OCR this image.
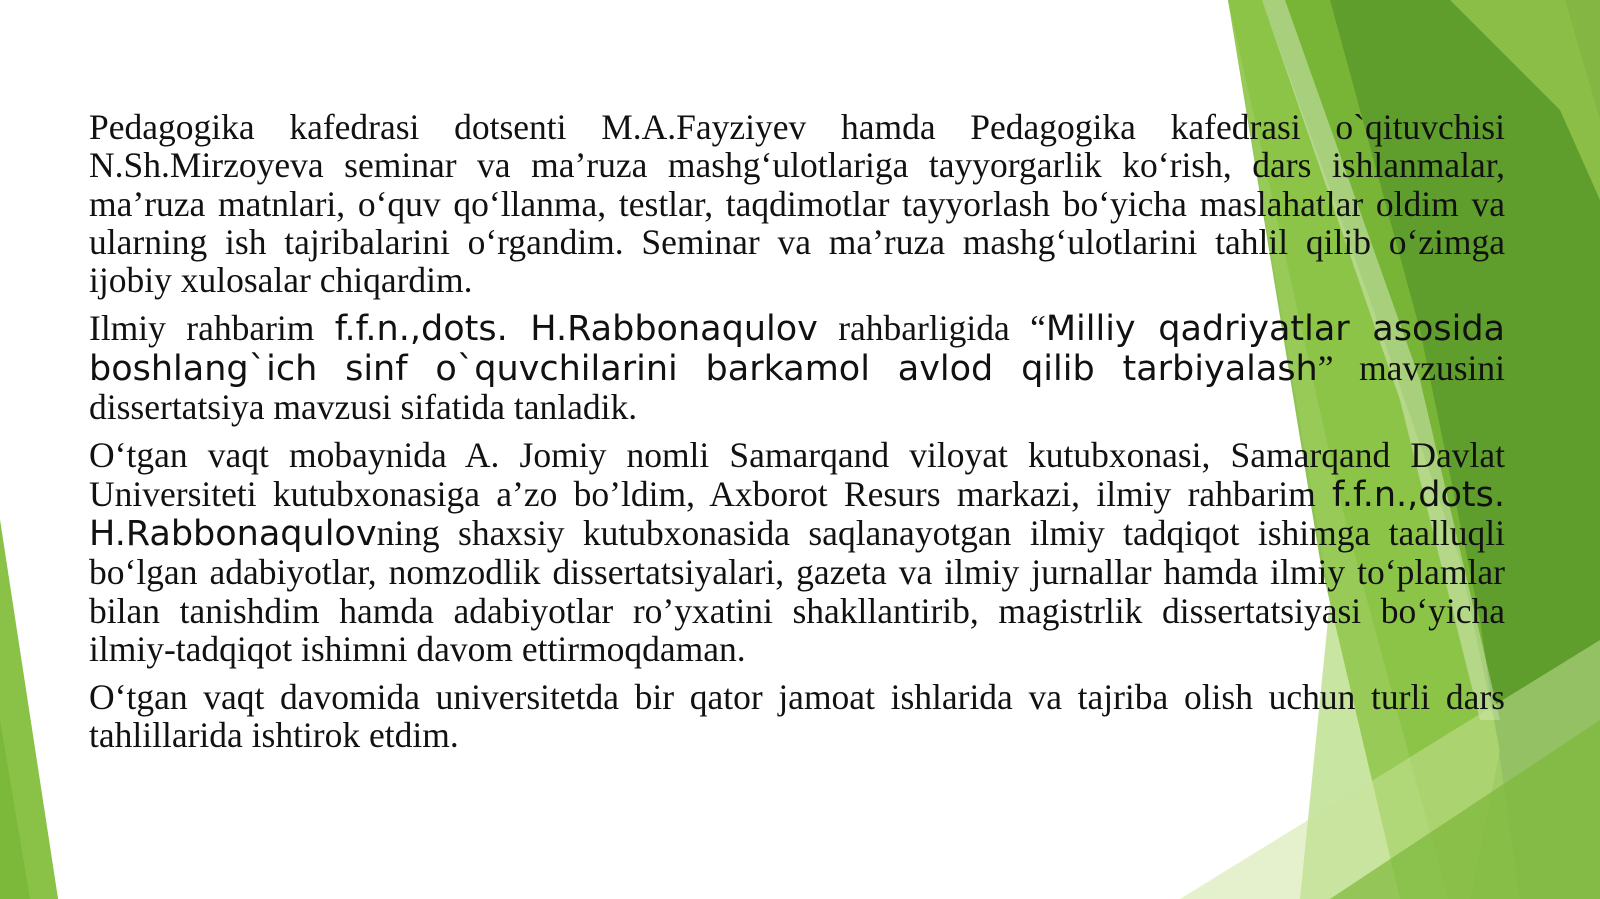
Pedagogika kafedrasi dotsenti M.A.Fayziyev hamda Pedagogika kafedrasi o`qituvchisi N.Sh.Mirzoyeva seminar va ma’ruza mashg‘ulotlariga tayyorgarlik ko‘rish, dars ishlanmalar, ma’ruza matnlari, o‘quv qo‘llanma, testlar, taqdimotlar tayyorlash bo‘yicha maslahatlar oldim va ularning ish tajribalarini o‘rgandim. Seminar va ma’ruza mashg‘ulotlarini tahlil qilib o‘zimga ijobiy xulosalar chiqardim.

Ilmiy rahbarim f.f.n.,dots. H.Rabbonaqulov rahbarligida “Milliy qadriyatlar asosida boshlang`ich sinf o`quvchilarini barkamol avlod qilib tarbiyalash” mavzusini dissertatsiya mavzusi sifatida tanladik.

O‘tgan vaqt mobaynida A. Jomiy nomli Samarqand viloyat kutubxonasi, Samarqand Davlat Universiteti kutubxonasiga a’zo bo’ldim, Axborot Resurs markazi, ilmiy rahbarim f.f.n.,dots. H.Rabbonaqulovning shaxsiy kutubxonasida saqlanayotgan ilmiy tadqiqot ishimga taalluqli bo‘lgan adabiyotlar, nomzodlik dissertatsiyalari, gazeta va ilmiy jurnallar hamda ilmiy to‘plamlar bilan tanishdim hamda adabiyotlar ro’yxatini shakllantirib, magistrlik dissertatsiyasi bo‘yicha ilmiy-tadqiqot ishimni davom ettirmoqdaman.

O‘tgan vaqt davomida universitetda bir qator jamoat ishlarida va tajriba olish uchun turli dars tahlillarida ishtirok etdim.
